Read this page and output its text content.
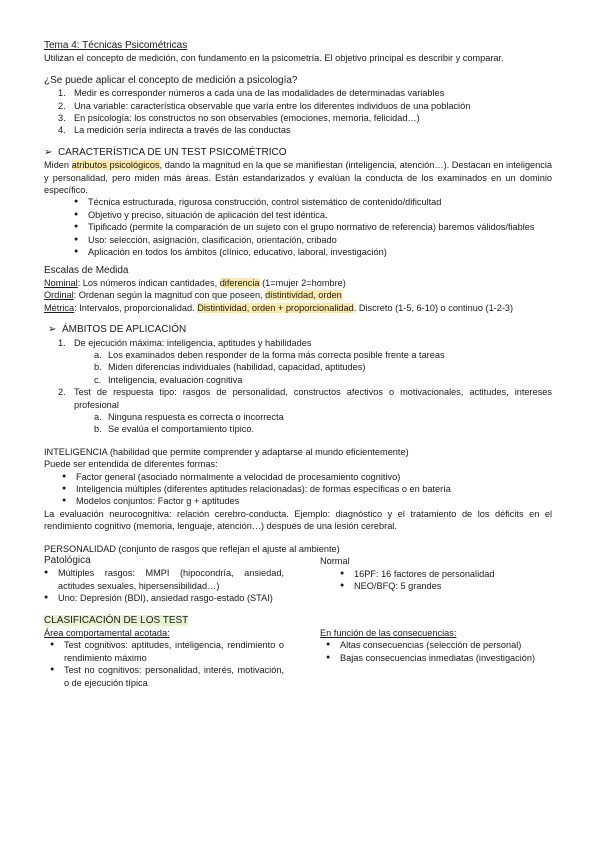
Tema 4: Técnicas Psicométricas
Utilizan el concepto de medición, con fundamento en la psicometría. El objetivo principal es describir y comparar.
¿Se puede aplicar el concepto de medición a psicología?
1. Medir es corresponder números a cada una de las modalidades de determinadas variables
2. Una variable: característica observable que varía entre los diferentes individuos de una población
3. En psicología: los constructos no son observables (emociones, memoria, felicidad…)
4. La medición sería indirecta a través de las conductas
➢ CARACTERÍSTICA DE UN TEST PSICOMÉTRICO
Miden atributos psicológicos, dando la magnitud en la que se manifiestan (inteligencia, atención…). Destacan en inteligencia y personalidad, pero miden más áreas. Están estandarizados y evalúan la conducta de los examinados en un dominio específico.
● Técnica estructurada, rigurosa construcción, control sistemático de contenido/dificultad
● Objetivo y preciso, situación de aplicación del test idéntica.
● Tipificado (permite la comparación de un sujeto con el grupo normativo de referencia) baremos válidos/fiables
● Uso: selección, asignación, clasificación, orientación, cribado
● Aplicación en todos los ámbitos (clínico, educativo, laboral, investigación)
Escalas de Medida
Nominal: Los números indican cantidades, diferencia (1=mujer 2=hombre)
Ordinal: Ordenan según la magnitud con que poseen, distintividad, orden
Métrica: Intervalos, proporcionalidad. Distintividad, orden + proporcionalidad. Discreto (1-5, 6-10) o continuo (1-2-3)
➢ ÁMBITOS DE APLICACIÓN
1. De ejecución máxima: inteligencia, aptitudes y habilidades
a. Los examinados deben responder de la forma más correcta posible frente a tareas
b. Miden diferencias individuales (habilidad, capacidad, aptitudes)
c. Inteligencia, evaluación cognitiva
2. Test de respuesta tipo: rasgos de personalidad, constructos afectivos o motivacionales, actitudes, intereses profesional
a. Ninguna respuesta es correcta o incorrecta
b. Se evalúa el comportamiento típico.
INTELIGENCIA (habilidad que permite comprender y adaptarse al mundo eficientemente)
Puede ser entendida de diferentes formas:
● Factor general (asociado normalmente a velocidad de procesamiento cognitivo)
● Inteligencia múltiples (diferentes aptitudes relacionadas): de formas específicas o en batería
● Modelos conjuntos: Factor g + aptitudes
La evaluación neurocognitiva: relación cerebro-conducta. Ejemplo: diagnóstico y el tratamiento de los déficits en el rendimiento cognitivo (memoria, lenguaje, atención…) después de una lesión cerebral.
PERSONALIDAD (conjunto de rasgos que reflejan el ajuste al ambiente)
Patológica
● Múltiples rasgos: MMPI (hipocondría, ansiedad, actitudes sexuales, hipersensibilidad…)
● Uno: Depresión (BDI), ansiedad rasgo-estado (STAI)
Normal
● 16PF: 16 factores de personalidad
● NEO/BFQ: 5 grandes
CLASIFICACIÓN DE LOS TEST
Área comportamental acotada:
● Test cognitivos: aptitudes, inteligencia, rendimiento o rendimiento máximo
● Test no cognitivos: personalidad, interés, motivación, o de ejecución típica
En función de las consecuencias:
● Altas consecuencias (selección de personal)
● Bajas consecuencias inmediatas (investigación)
